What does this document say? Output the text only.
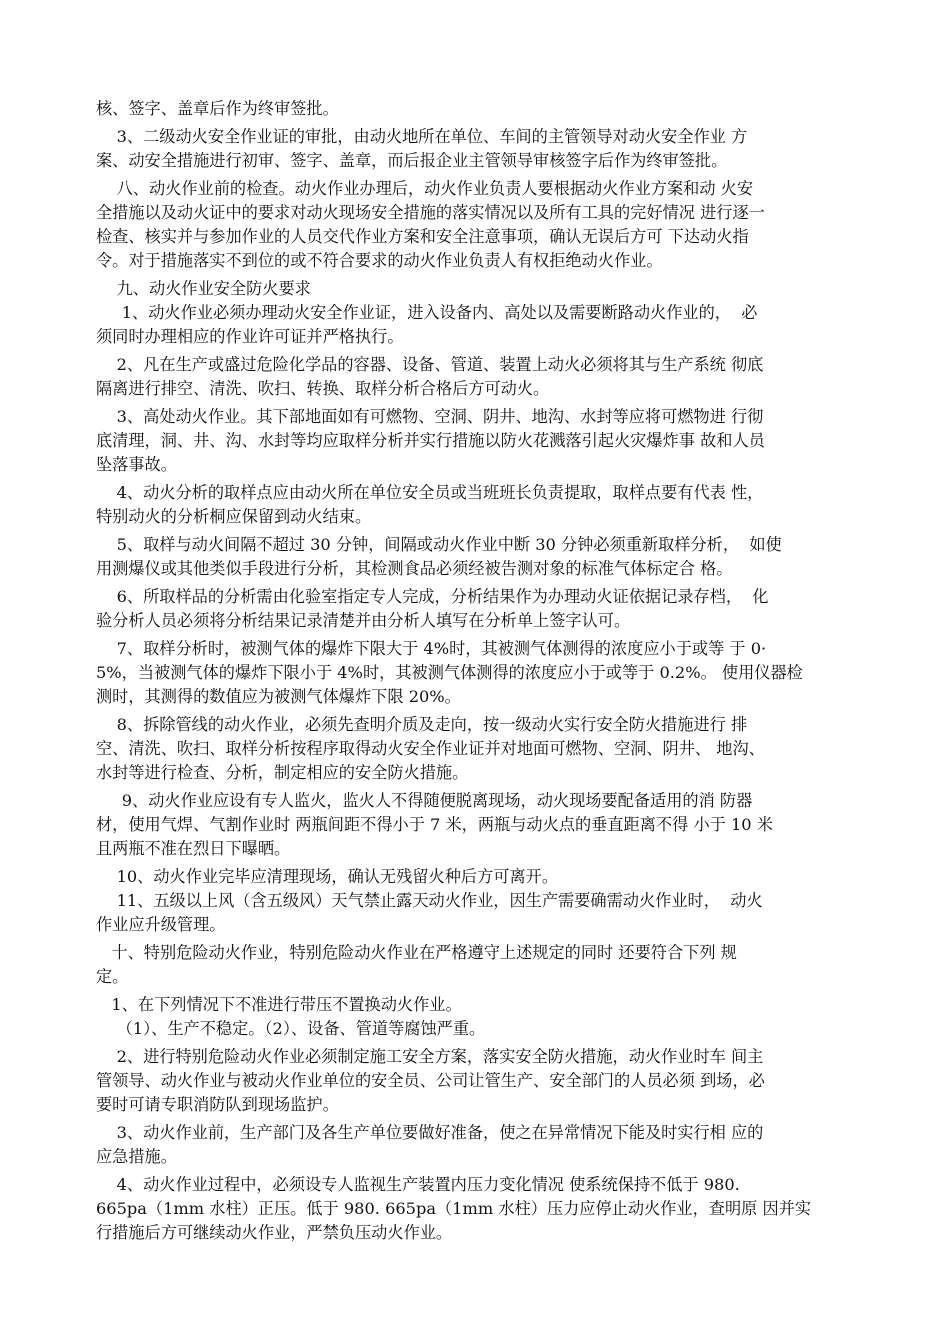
核、签字、盖章后作为终审签批。
3、二级动火安全作业证的审批，由动火地所在单位、车间的主管领导对动火安全作业 方
案、动安全措施进行初审、签字、盖章，而后报企业主管领导审核签字后作为终审签批。
八、动火作业前的检查。动火作业办理后，动火作业负责人要根据动火作业方案和动 火安
全措施以及动火证中的要求对动火现场安全措施的落实情况以及所有工具的完好情况 进行逐一
检查、核实并与参加作业的人员交代作业方案和安全注意事项，确认无误后方可 下达动火指
令。对于措施落实不到位的或不符合要求的动火作业负责人有权拒绝动火作业。
九、动火作业安全防火要求
1、动火作业必须办理动火安全作业证，进入设备内、高处以及需要断路动火作业的，  必
须同时办理相应的作业许可证并严格执行。
2、凡在生产或盛过危险化学品的容器、设备、管道、装置上动火必须将其与生产系统 彻底
隔离进行排空、清洗、吹扫、转换、取样分析合格后方可动火。
3、高处动火作业。其下部地面如有可燃物、空洞、阴井、地沟、水封等应将可燃物进 行彻
底清理，洞、井、沟、水封等均应取样分析并实行措施以防火花溅落引起火灾爆炸事 故和人员
坠落事故。
4、动火分析的取样点应由动火所在单位安全员或当班班长负责提取，取样点要有代表 性，
特别动火的分析桐应保留到动火结束。
5、取样与动火间隔不超过 30 分钟，间隔或动火作业中断 30 分钟必须重新取样分析，  如使
用测爆仪或其他类似手段进行分析，其检测食品必须经被告测对象的标准气体标定合 格。
6、所取样品的分析需由化验室指定专人完成，分析结果作为办理动火证依据记录存档，  化
验分析人员必须将分析结果记录清楚并由分析人填写在分析单上签字认可。
7、取样分析时，被测气体的爆炸下限大于 4%时，其被测气体测得的浓度应小于或等 于 0·
5%，当被测气体的爆炸下限小于 4%时，其被测气体测得的浓度应小于或等于 0.2%。 使用仪器检
测时，其测得的数值应为被测气体爆炸下限 20%。
8、拆除管线的动火作业，必须先查明介质及走向，按一级动火实行安全防火措施进行 排
空、清洗、吹扫、取样分析按程序取得动火安全作业证并对地面可燃物、空洞、阴井、 地沟、
水封等进行检查、分析，制定相应的安全防火措施。
9、动火作业应设有专人监火，监火人不得随便脱离现场，动火现场要配备适用的消 防器
材，使用气焊、气割作业时 两瓶间距不得小于 7 米，两瓶与动火点的垂直距离不得 小于 10 米
且两瓶不准在烈日下曝晒。
10、动火作业完毕应清理现场，确认无残留火种后方可离开。
11、五级以上风（含五级风）天气禁止露天动火作业，因生产需要确需动火作业时，  动火
作业应升级管理。
十、特别危险动火作业，特别危险动火作业在严格遵守上述规定的同时 还要符合下列 规
定。
1、在下列情况下不准进行带压不置换动火作业。
（1）、生产不稳定。（2）、设备、管道等腐蚀严重。
2、进行特别危险动火作业必须制定施工安全方案，落实安全防火措施，动火作业时车 间主
管领导、动火作业与被动火作业单位的安全员、公司让管生产、安全部门的人员必须 到场，必
要时可请专职消防队到现场监护。
3、动火作业前，生产部门及各生产单位要做好准备，使之在异常情况下能及时实行相 应的
应急措施。
4、动火作业过程中，必须设专人监视生产装置内压力变化情况 使系统保持不低于 980.
665pa（1mm 水柱）正压。低于 980. 665pa（1mm 水柱）压力应停止动火作业，查明原 因并实
行措施后方可继续动火作业，严禁负压动火作业。
